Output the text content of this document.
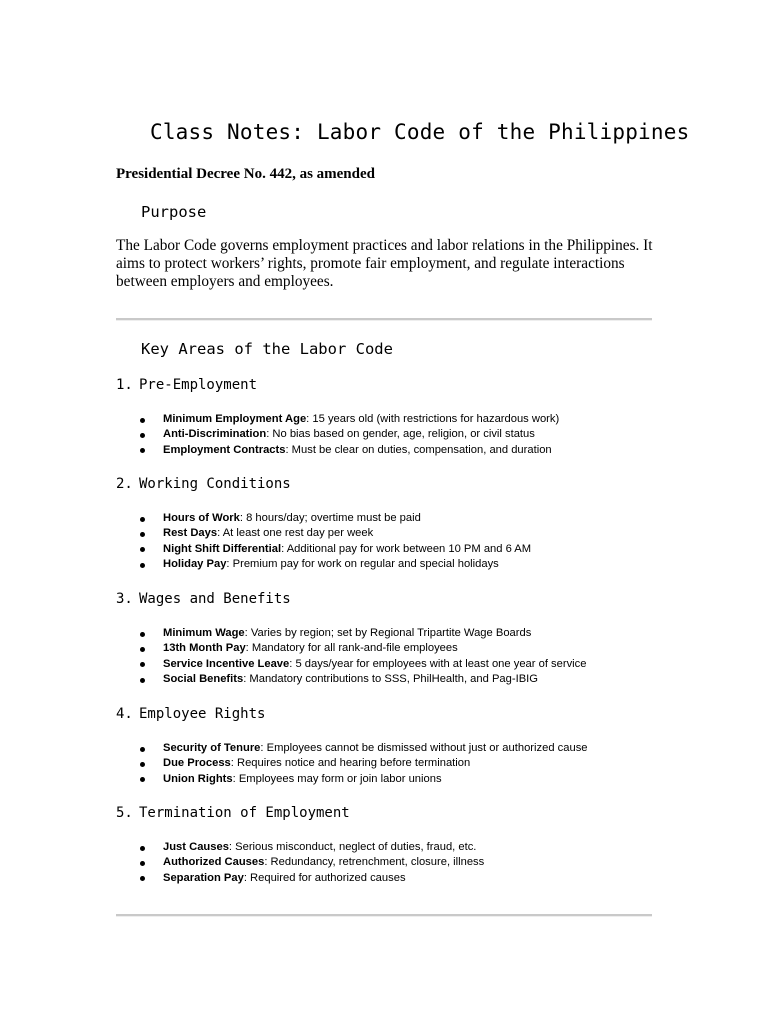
Class Notes: Labor Code of the Philippines
Presidential Decree No. 442, as amended
Purpose
The Labor Code governs employment practices and labor relations in the Philippines. It aims to protect workers’ rights, promote fair employment, and regulate interactions between employers and employees.
Key Areas of the Labor Code
1. Pre-Employment
Minimum Employment Age: 15 years old (with restrictions for hazardous work)
Anti-Discrimination: No bias based on gender, age, religion, or civil status
Employment Contracts: Must be clear on duties, compensation, and duration
2. Working Conditions
Hours of Work: 8 hours/day; overtime must be paid
Rest Days: At least one rest day per week
Night Shift Differential: Additional pay for work between 10 PM and 6 AM
Holiday Pay: Premium pay for work on regular and special holidays
3. Wages and Benefits
Minimum Wage: Varies by region; set by Regional Tripartite Wage Boards
13th Month Pay: Mandatory for all rank-and-file employees
Service Incentive Leave: 5 days/year for employees with at least one year of service
Social Benefits: Mandatory contributions to SSS, PhilHealth, and Pag-IBIG
4. Employee Rights
Security of Tenure: Employees cannot be dismissed without just or authorized cause
Due Process: Requires notice and hearing before termination
Union Rights: Employees may form or join labor unions
5. Termination of Employment
Just Causes: Serious misconduct, neglect of duties, fraud, etc.
Authorized Causes: Redundancy, retrenchment, closure, illness
Separation Pay: Required for authorized causes
